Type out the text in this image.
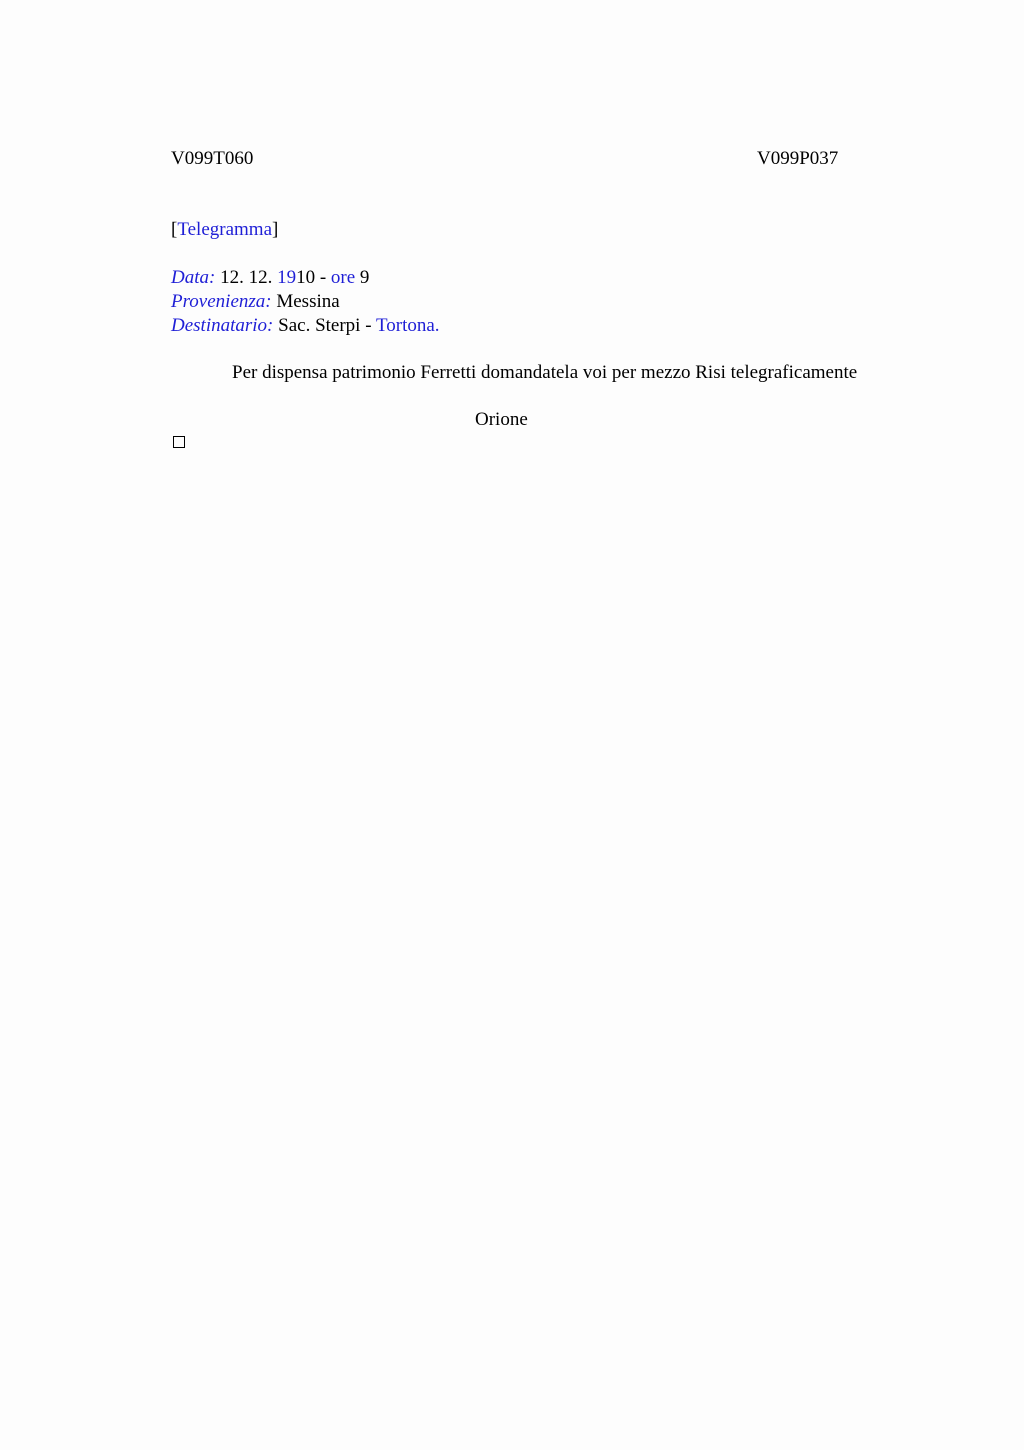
V099T060	V099P037
[Telegramma]
Data: 12. 12. 1910 - ore 9
Provenienza: Messina
Destinatario: Sac. Sterpi - Tortona.
Per dispensa patrimonio Ferretti domandatela voi per mezzo Risi telegraficamente
Orione
